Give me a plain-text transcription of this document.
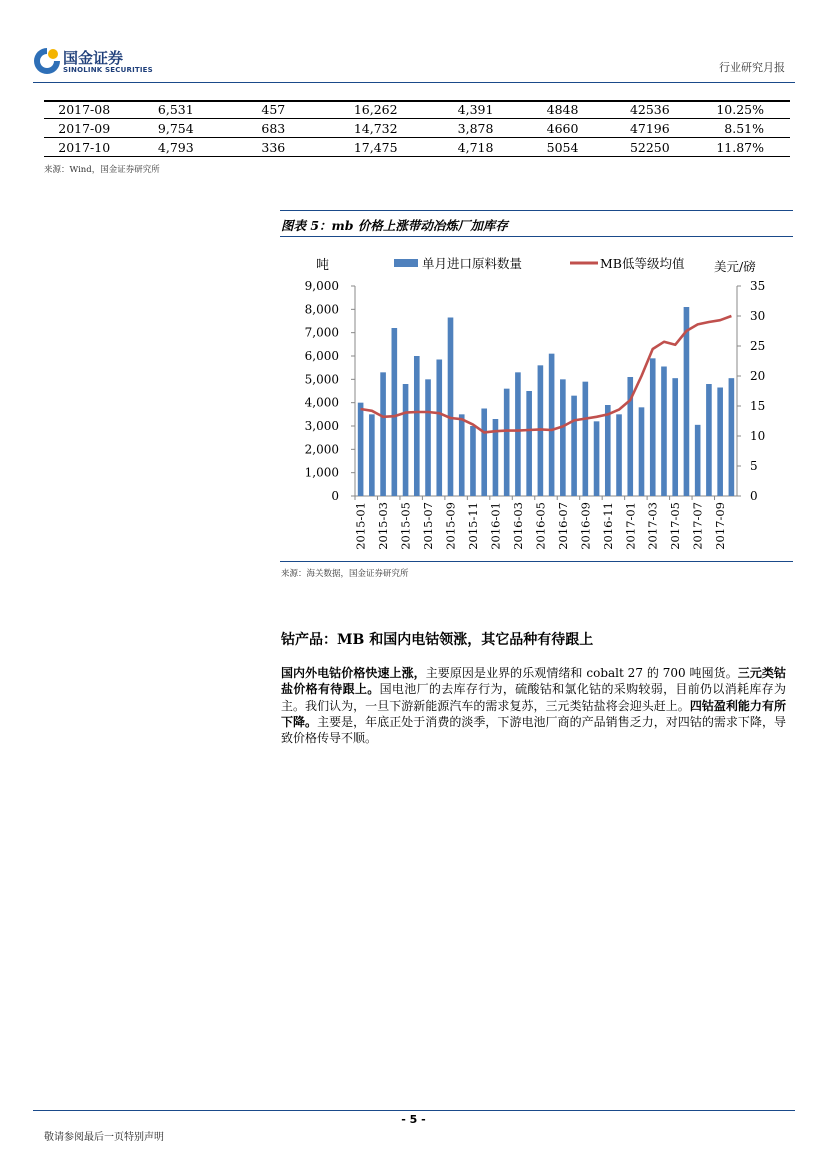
国金证券
SINOLINK SECURITIES	行业研究月报
2017-08	6,531	457	16,262	4,391	4848	42536	10.25%
2017-09	9,754	683	14,732	3,878	4660	47196	8.51%
2017-10	4,793	336	17,475	4,718	5054	52250	11.87%
来源：Wind，国金证券研究所
图表 5：mb 价格上涨带动冶炼厂加库存
9,000
8,000
7,000
6,000
5,000
4,000
3,000
2,000
1,000
0
35
30
25
20
15
10
5
0
吨	美元/磅
单月进口原料数量	MB低等级均值
2015-01 2015-03 2015-05 2015-07 2015-09 2015-11 2016-01 2016-03 2016-05 2016-07 2016-09 2016-11 2017-01 2017-03 2017-05 2017-07 2017-09
来源：海关数据，国金证券研究所
钴产品：MB 和国内电钴领涨，其它品种有待跟上
国内外电钴价格快速上涨，主要原因是业界的乐观情绪和 cobalt 27 的 700 吨囤货。三元类钴盐价格有待跟上。国电池厂的去库存行为，硫酸钴和氯化钴的采购较弱，目前仍以消耗库存为主。我们认为，一旦下游新能源汽车的需求复苏，三元类钴盐将会迎头赶上。四钴盈利能力有所下降。主要是，年底正处于消费的淡季，下游电池厂商的产品销售乏力，对四钴的需求下降，导致价格传导不顺。
- 5 -
敬请参阅最后一页特别声明
